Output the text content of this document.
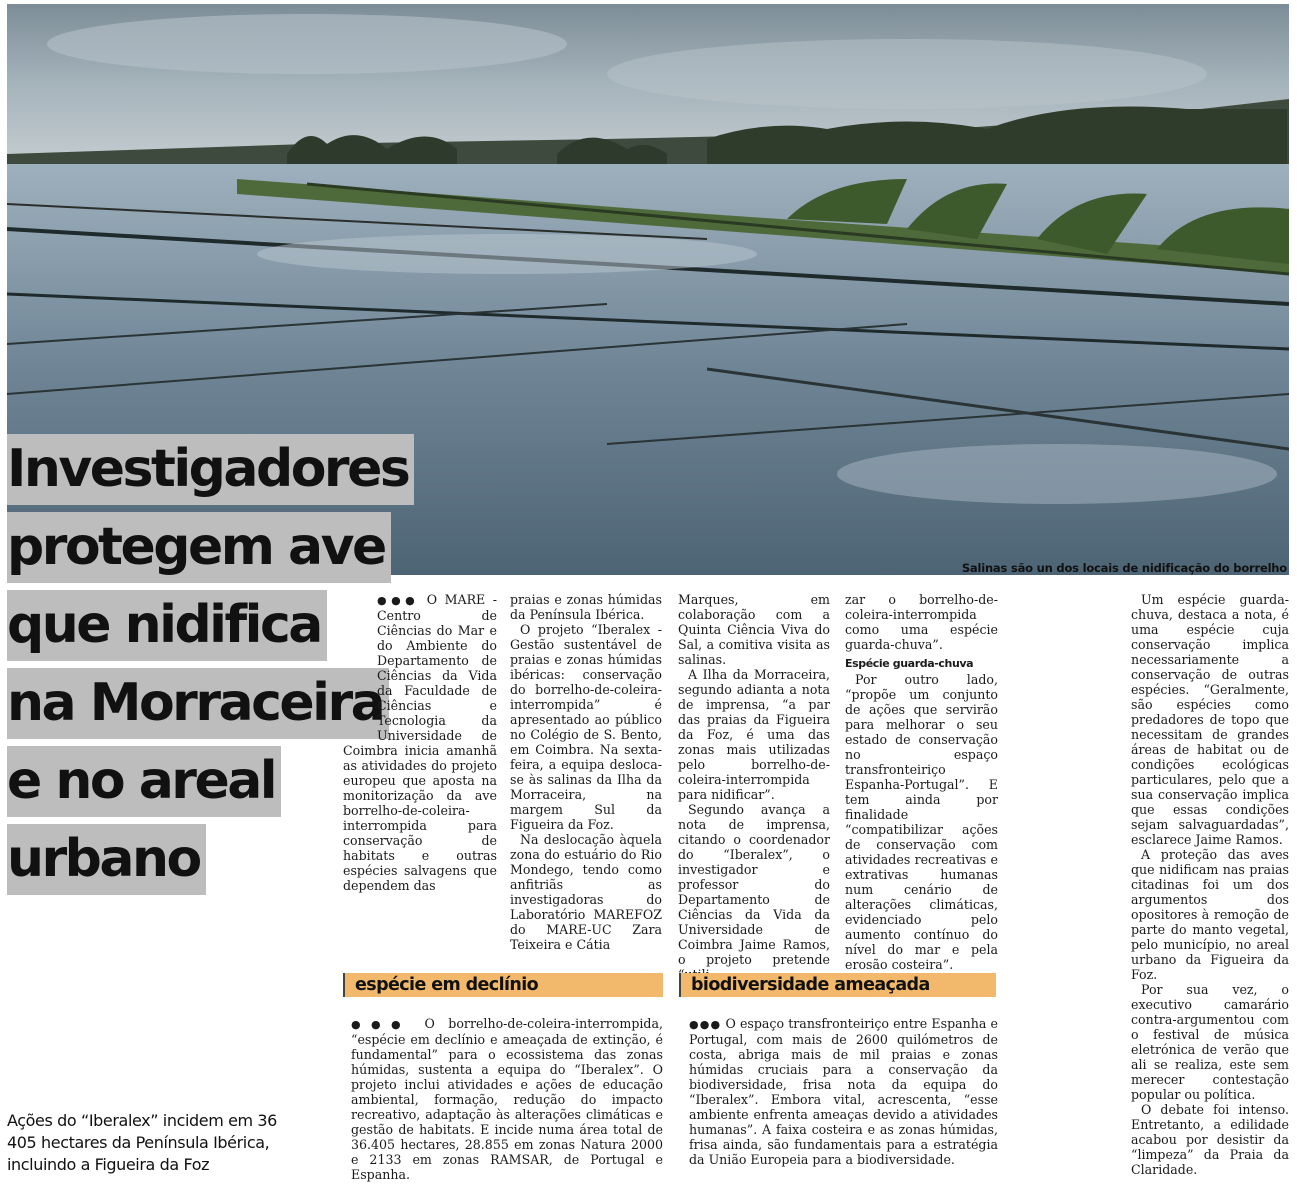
Salinas são un dos locais de nidificação do borrelho
Investigadores
protegem ave
que nidifica
na Morraceira
e no areal
urbano

●●● O MARE - Centro de Ciências do Mar e do Ambiente do Departamento de Ciências da Vida da Faculdade de Ciências e Tecnologia da Universidade de Coimbra inicia amanhã as atividades do projeto europeu que aposta na monitorização da ave borrelho-de-coleira-interrompida para conservação de habitats e outras espécies salvagens que dependem das

praias e zonas húmidas da Península Ibérica.

O projeto “Iberalex - Gestão sustentável de praias e zonas húmidas ibéricas: conservação do borrelho-de-coleira-interrompida” é apresentado ao público no Colégio de S. Bento, em Coimbra. Na sexta-feira, a equipa desloca-se às salinas da Ilha da Morraceira, na margem Sul da Figueira da Foz.

Na deslocação àquela zona do estuário do Rio Mondego, tendo como anfitriãs as investigadoras do Laboratório MAREFOZ do MARE-UC Zara Teixeira e Cátia

Marques, em colaboração com a Quinta Ciência Viva do Sal, a comitiva visita as salinas.

A Ilha da Morraceira, segundo adianta a nota de imprensa, “a par das praias da Figueira da Foz, é uma das zonas mais utilizadas pelo borrelho-de-coleira-interrompida para nidificar”.

Segundo avança a nota de imprensa, citando o coordenador do “Iberalex”, o investigador e professor do Departamento de Ciências da Vida da Universidade de Coimbra Jaime Ramos, o projeto pretende

zar o borrelho-de-coleira-interrompida como uma espécie guarda-chuva”.

Espécie guarda-chuva

Por outro lado, “propõe um conjunto de ações que servirão para melhorar o seu estado de conservação no espaço transfronteiriço Espanha-Portugal”. E tem ainda por finalidade “compatibilizar ações de conservação com atividades recreativas e extrativas humanas num cenário de alterações climáticas, evidenciado pelo aumento contínuo do nível do mar e pela erosão costeira”.

Um espécie guarda-chuva, destaca a nota, é uma espécie cuja conservação implica necessariamente a conservação de outras espécies. “Geralmente, são espécies como predadores de topo que necessitam de grandes áreas de habitat ou de condições ecológicas particulares, pelo que a sua conservação implica que essas condições sejam salvaguardadas”, esclarece Jaime Ramos.

A proteção das aves que nidificam nas praias citadinas foi um dos argumentos dos opositores à remoção de parte do manto vegetal, pelo município, no areal urbano da Figueira da Foz.

Por sua vez, o executivo camarário contra-argumentou com o festival de música eletrónica de verão que ali se realiza, este sem merecer contestação popular ou política.

O debate foi intenso. Entretanto, a edilidade acabou por desistir da “limpeza” da Praia da Claridade.

espécie em declínio

●●● O borrelho-de-coleira-interrompida, “espécie em declínio e ameaçada de extinção, é fundamental” para o ecossistema das zonas húmidas, sustenta a equipa do “Iberalex”. O projeto inclui atividades e ações de educação ambiental, formação, redução do impacto recreativo, adaptação às alterações climáticas e gestão de habitats. E incide numa área total de 36.405 hectares, 28.855 em zonas Natura 2000 e 2133 em zonas RAMSAR, de Portugal e Espanha.

biodiversidade ameaçada

●●● O espaço transfronteiriço entre Espanha e Portugal, com mais de 2600 quilómetros de costa, abriga mais de mil praias e zonas húmidas cruciais para a conservação da biodiversidade, frisa nota da equipa do “Iberalex”. Embora vital, acrescenta, “esse ambiente enfrenta ameaças devido a atividades humanas”. A faixa costeira e as zonas húmidas, frisa ainda, são fundamentais para a estratégia da União Europeia para a biodiversidade.

Ações do “Iberalex” incidem em 36 405 hectares da Península Ibérica, incluindo a Figueira da Foz
